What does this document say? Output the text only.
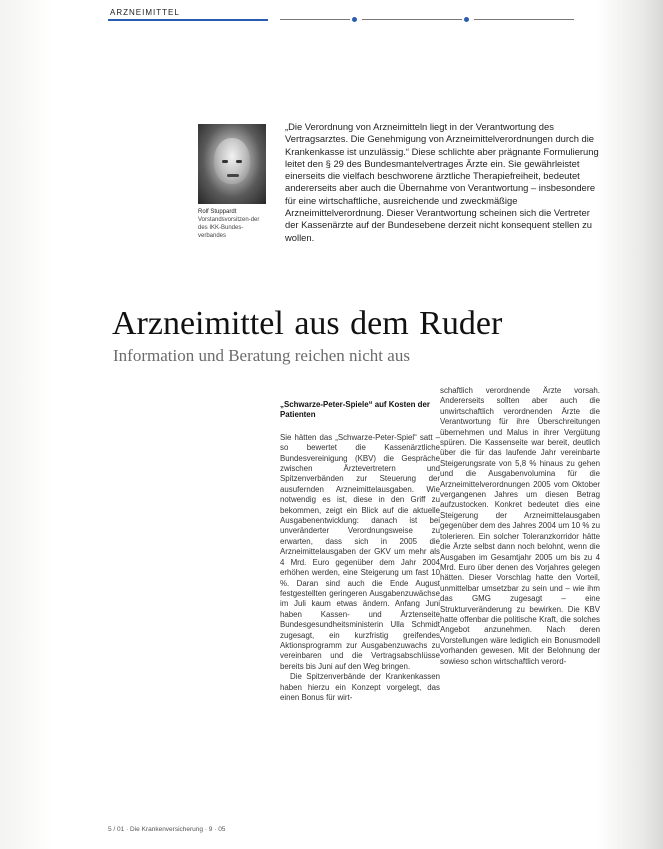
ARZNEIMITTEL
Rolf Stuppardt
Vorstandsvorsitzen-der des IKK-Bundes-verbandes

„Die Verordnung von Arzneimitteln liegt in der Verantwortung des Vertragsarztes. Die Genehmigung von Arzneimittelverordnungen durch die Krankenkasse ist unzulässig.“ Diese schlichte aber prägnante Formulierung leitet den § 29 des Bundesmantelvertrages Ärzte ein. Sie gewährleistet einerseits die vielfach beschworene ärztliche Therapiefreiheit, bedeutet andererseits aber auch die Übernahme von Verantwortung – insbesondere für eine wirtschaftliche, ausreichende und zweckmäßige Arzneimittelverordnung. Dieser Verantwortung scheinen sich die Vertreter der Kassenärzte auf der Bundesebene derzeit nicht konsequent stellen zu wollen.

Arzneimittel aus dem Ruder
Information und Beratung reichen nicht aus

„Schwarze-Peter-Spiele“ auf Kosten der Patienten

Sie hätten das „Schwarze-Peter-Spiel“ satt – so bewertet die Kassenärztliche Bundesvereinigung (KBV) die Gespräche zwischen Ärztevertretern und Spitzenverbänden zur Steuerung der ausufernden Arzneimittelausgaben. Wie notwendig es ist, diese in den Griff zu bekommen, zeigt ein Blick auf die aktuelle Ausgabenentwicklung: danach ist bei unveränderter Verordnungsweise zu erwarten, dass sich in 2005 die Arzneimittelausgaben der GKV um mehr als 4 Mrd. Euro gegenüber dem Jahr 2004 erhöhen werden, eine Steigerung um fast 10 %. Daran sind auch die Ende August festgestellten geringeren Ausgabenzuwächse im Juli kaum etwas ändern. Anfang Juni haben Kassen- und Ärztenseite Bundesgesundheitsministerin Ulla Schmidt zugesagt, ein kurzfristig greifendes Aktionsprogramm zur Ausgabenzuwachs zu vereinbaren und die Vertragsabschlüsse bereits bis Juni auf den Weg bringen.

Die Spitzenverbände der Krankenkassen haben hierzu ein Konzept vorgelegt, das einen Bonus für wirt-

schaftlich verordnende Ärzte vorsah. Andererseits sollten aber auch die unwirtschaftlich verordnenden Ärzte die Verantwortung für ihre Überschreitungen übernehmen und Malus in ihrer Vergütung spüren. Die Kassenseite war bereit, deutlich über die für das laufende Jahr vereinbarte Steigerungsrate von 5,8 % hinaus zu gehen und die Ausgabenvolumina für die Arzneimittelverordnungen 2005 vom Oktober vergangenen Jahres um diesen Betrag aufzustocken. Konkret bedeutet dies eine Steigerung der Arzneimittelausgaben gegenüber dem des Jahres 2004 um 10 % zu tolerieren. Ein solcher Toleranzkorridor hätte die Ärzte selbst dann noch belohnt, wenn die Ausgaben im Gesamtjahr 2005 um bis zu 4 Mrd. Euro über denen des Vorjahres gelegen hätten. Dieser Vorschlag hatte den Vorteil, unmittelbar umsetzbar zu sein und – wie ihm das GMG zugesagt – eine Strukturveränderung zu bewirken. Die KBV hatte offenbar die politische Kraft, die solches Angebot anzunehmen. Nach deren Vorstellungen wäre lediglich ein Bonusmodell vorhanden gewesen. Mit der Belohnung der sowieso schon wirtschaftlich verord-

5 / 01 · Die Krankenversicherung · 9 · 05
